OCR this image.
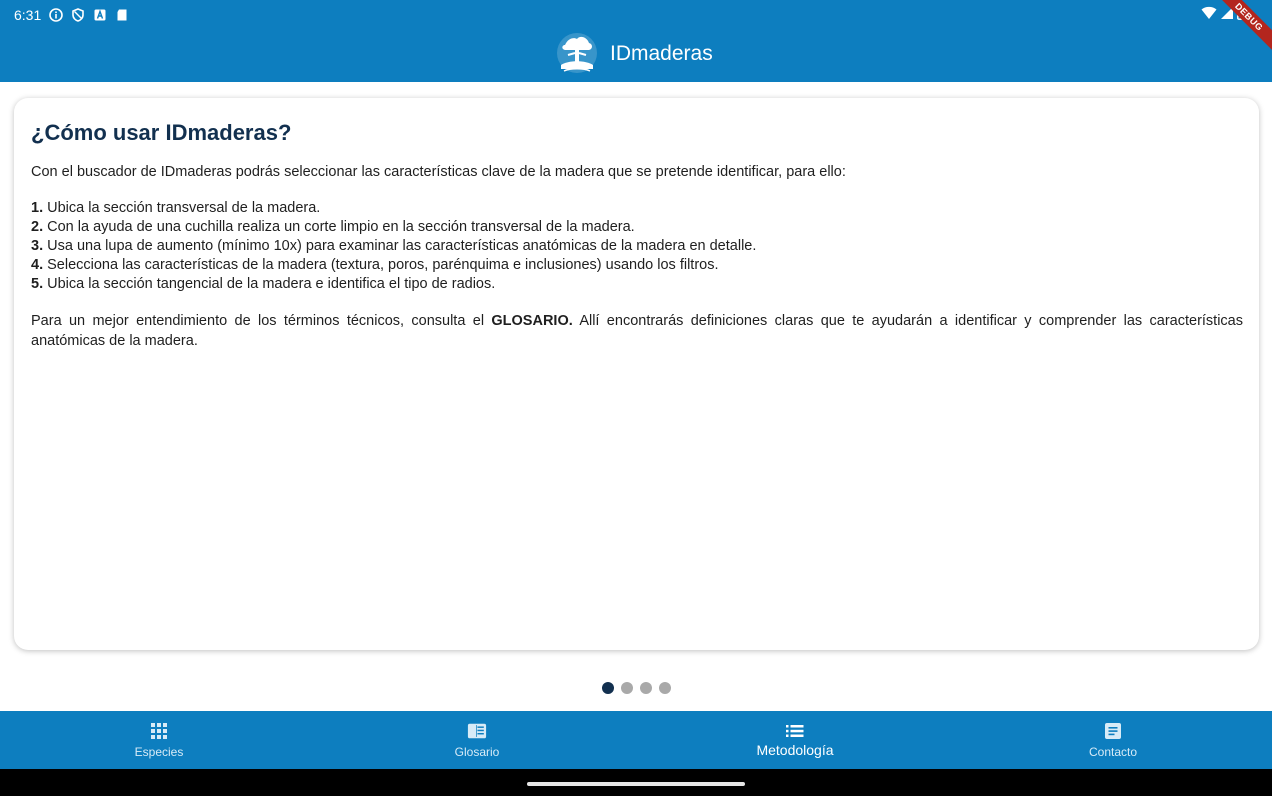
6:31	DEBUG
IDmaderas
¿Cómo usar IDmaderas?

Con el buscador de IDmaderas podrás seleccionar las características clave de la madera que se pretende identificar, para ello:

1. Ubica la sección transversal de la madera.
2. Con la ayuda de una cuchilla realiza un corte limpio en la sección transversal de la madera.
3. Usa una lupa de aumento (mínimo 10x) para examinar las características anatómicas de la madera en detalle.
4. Selecciona las características de la madera (textura, poros, parénquima e inclusiones) usando los filtros.
5. Ubica la sección tangencial de la madera e identifica el tipo de radios.

Para un mejor entendimiento de los términos técnicos, consulta el GLOSARIO. Allí encontrarás definiciones claras que te ayudarán a identificar y comprender las características anatómicas de la madera.

Especies	Glosario	Metodología	Contacto
